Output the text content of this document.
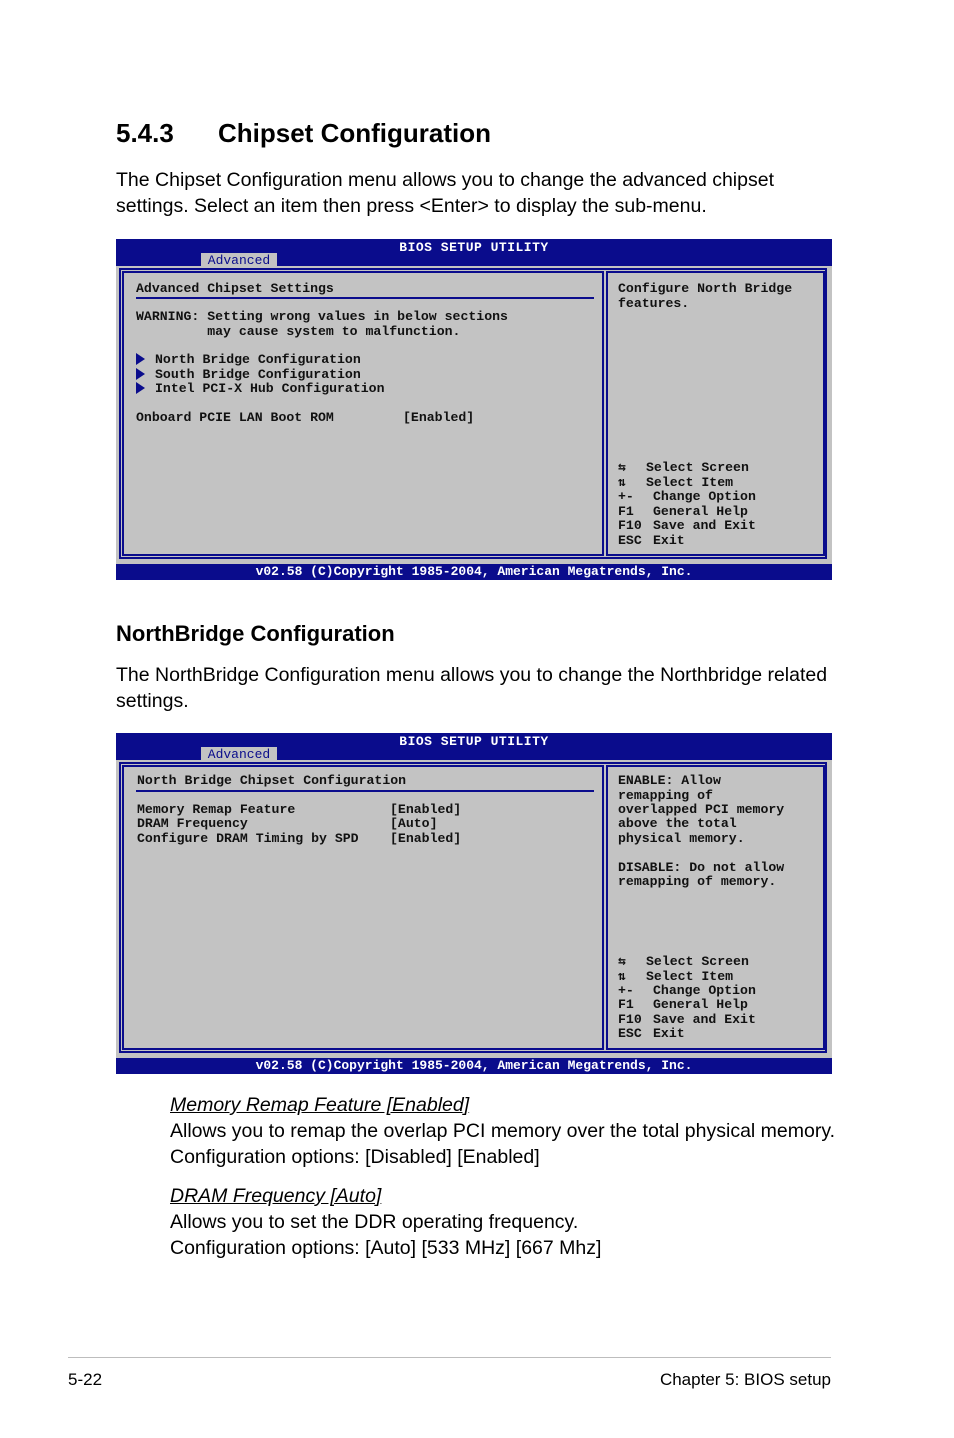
5.4.3	Chipset Configuration

The Chipset Configuration menu allows you to change the advanced chipset

settings. Select an item then press <Enter> to display the sub-menu.

BIOS SETUP UTILITY
Advanced
Advanced Chipset Settings
WARNING: Setting wrong values in below sections
may cause system to malfunction.
North Bridge Configuration
South Bridge Configuration
Intel PCI-X Hub Configuration
Onboard PCIE LAN Boot ROM	[Enabled]
Configure North Bridge
features.
⇆ Select Screen
⇅ Select Item
+- Change Option
F1 General Help
F10 Save and Exit
ESC Exit
v02.58 (C)Copyright 1985-2004, American Megatrends, Inc.
NorthBridge Configuration

The NorthBridge Configuration menu allows you to change the Northbridge related

settings.

BIOS SETUP UTILITY
Advanced
North Bridge Chipset Configuration
Memory Remap Feature	[Enabled]
DRAM Frequency	[Auto]
Configure DRAM Timing by SPD [Enabled]
ENABLE: Allow
remapping of
overlapped PCI memory
above the total
physical memory.
DISABLE: Do not allow
remapping of memory.
⇆ Select Screen
⇅ Select Item
+- Change Option
F1 General Help
F10 Save and Exit
ESC Exit
v02.58 (C)Copyright 1985-2004, American Megatrends, Inc.

Memory Remap Feature [Enabled]

Allows you to remap the overlap PCI memory over the total physical memory.

Configuration options: [Disabled] [Enabled]

DRAM Frequency [Auto]

Allows you to set the DDR operating frequency.

Configuration options: [Auto] [533 MHz] [667 Mhz]

5-22	Chapter 5: BIOS setup
